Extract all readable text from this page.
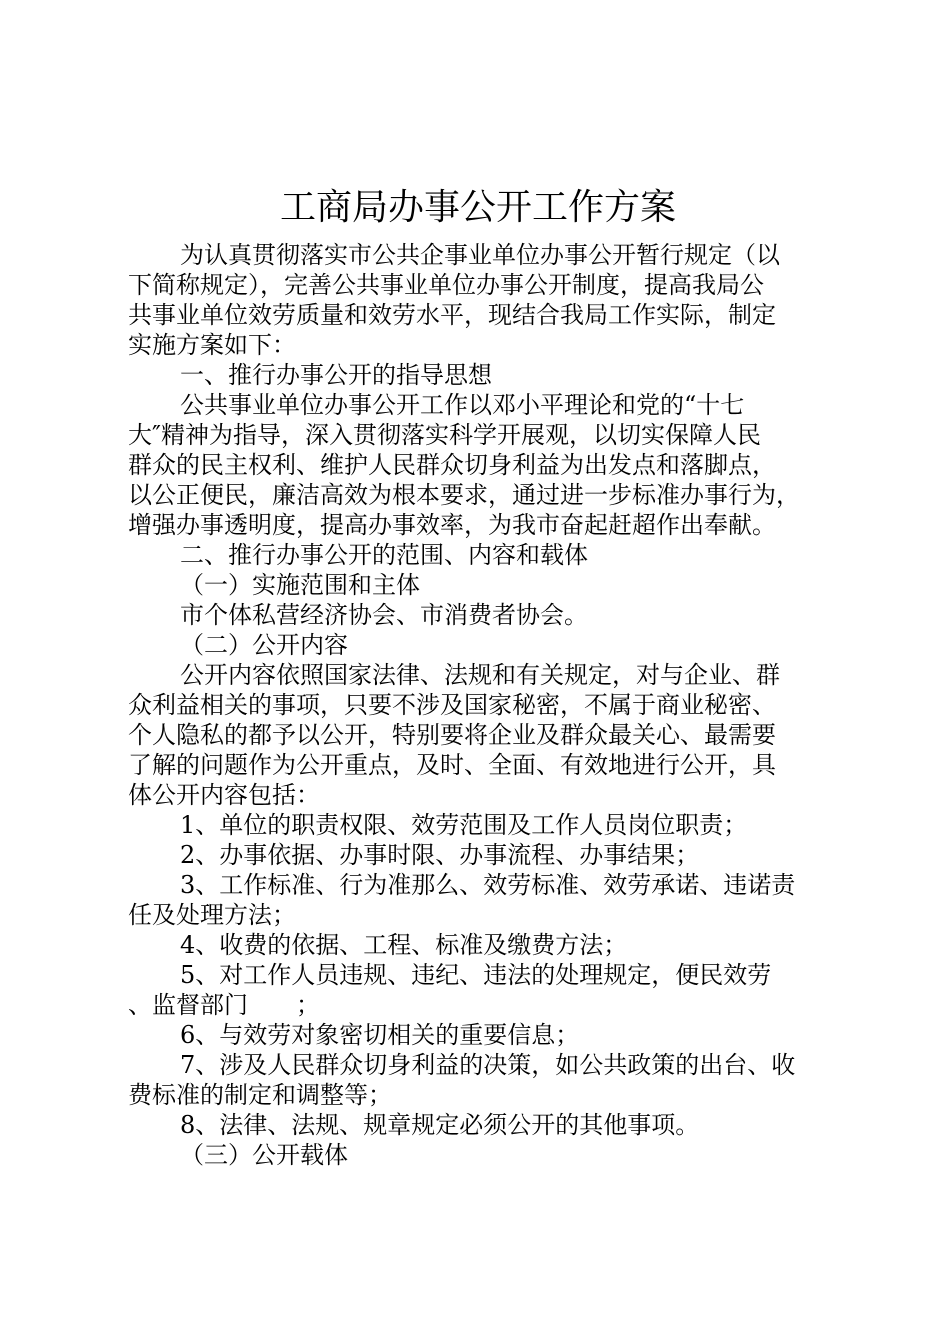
工商局办事公开工作方案

为认真贯彻落实市公共企事业单位办事公开暂行规定（以

下简称规定），完善公共事业单位办事公开制度，提高我局公

共事业单位效劳质量和效劳水平，现结合我局工作实际，制定

实施方案如下：

一、推行办事公开的指导思想

公共事业单位办事公开工作以邓小平理论和党的“十七

大″精神为指导，深入贯彻落实科学开展观，以切实保障人民

群众的民主权利、维护人民群众切身利益为出发点和落脚点，

以公正便民，廉洁高效为根本要求，通过进一步标准办事行为，

增强办事透明度，提高办事效率，为我市奋起赶超作出奉献。

二、推行办事公开的范围、内容和载体

（一）实施范围和主体

市个体私营经济协会、市消费者协会。

（二）公开内容

公开内容依照国家法律、法规和有关规定，对与企业、群

众利益相关的事项，只要不涉及国家秘密，不属于商业秘密、

个人隐私的都予以公开，特别要将企业及群众最关心、最需要

了解的问题作为公开重点，及时、全面、有效地进行公开，具

体公开内容包括：

1、单位的职责权限、效劳范围及工作人员岗位职责；

2、办事依据、办事时限、办事流程、办事结果；

3、工作标准、行为准那么、效劳标准、效劳承诺、违诺责

任及处理方法；

4、收费的依据、工程、标准及缴费方法；

5、对工作人员违规、违纪、违法的处理规定，便民效劳

、监督部门　　；

6、与效劳对象密切相关的重要信息；

7、涉及人民群众切身利益的决策，如公共政策的出台、收

费标准的制定和调整等；

8、法律、法规、规章规定必须公开的其他事项。

（三）公开载体
